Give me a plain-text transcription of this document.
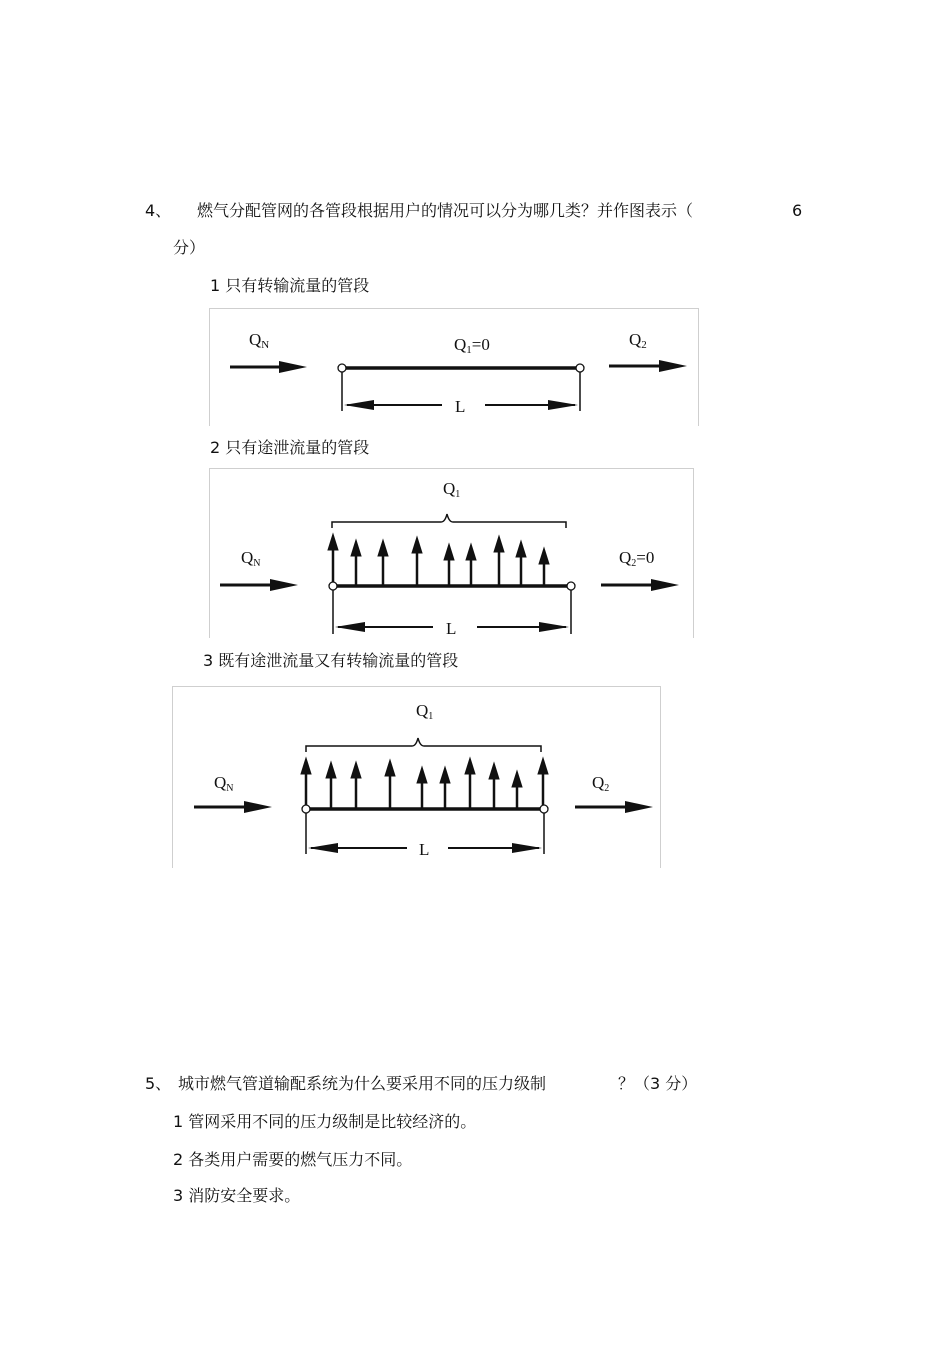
4、 燃气分配管网的各管段根据用户的情况可以分为哪几类？并作图表示（	6
分）
1 只有转输流量的管段
QN	Q1=0	Q2
L
2 只有途泄流量的管段
Q1
QN	Q2=0
L
3 既有途泄流量又有转输流量的管段
Q1
QN	Q2
L
5、 城市燃气管道输配系统为什么要采用不同的压力级制	？（3 分）
1 管网采用不同的压力级制是比较经济的。
2 各类用户需要的燃气压力不同。
3 消防安全要求。
